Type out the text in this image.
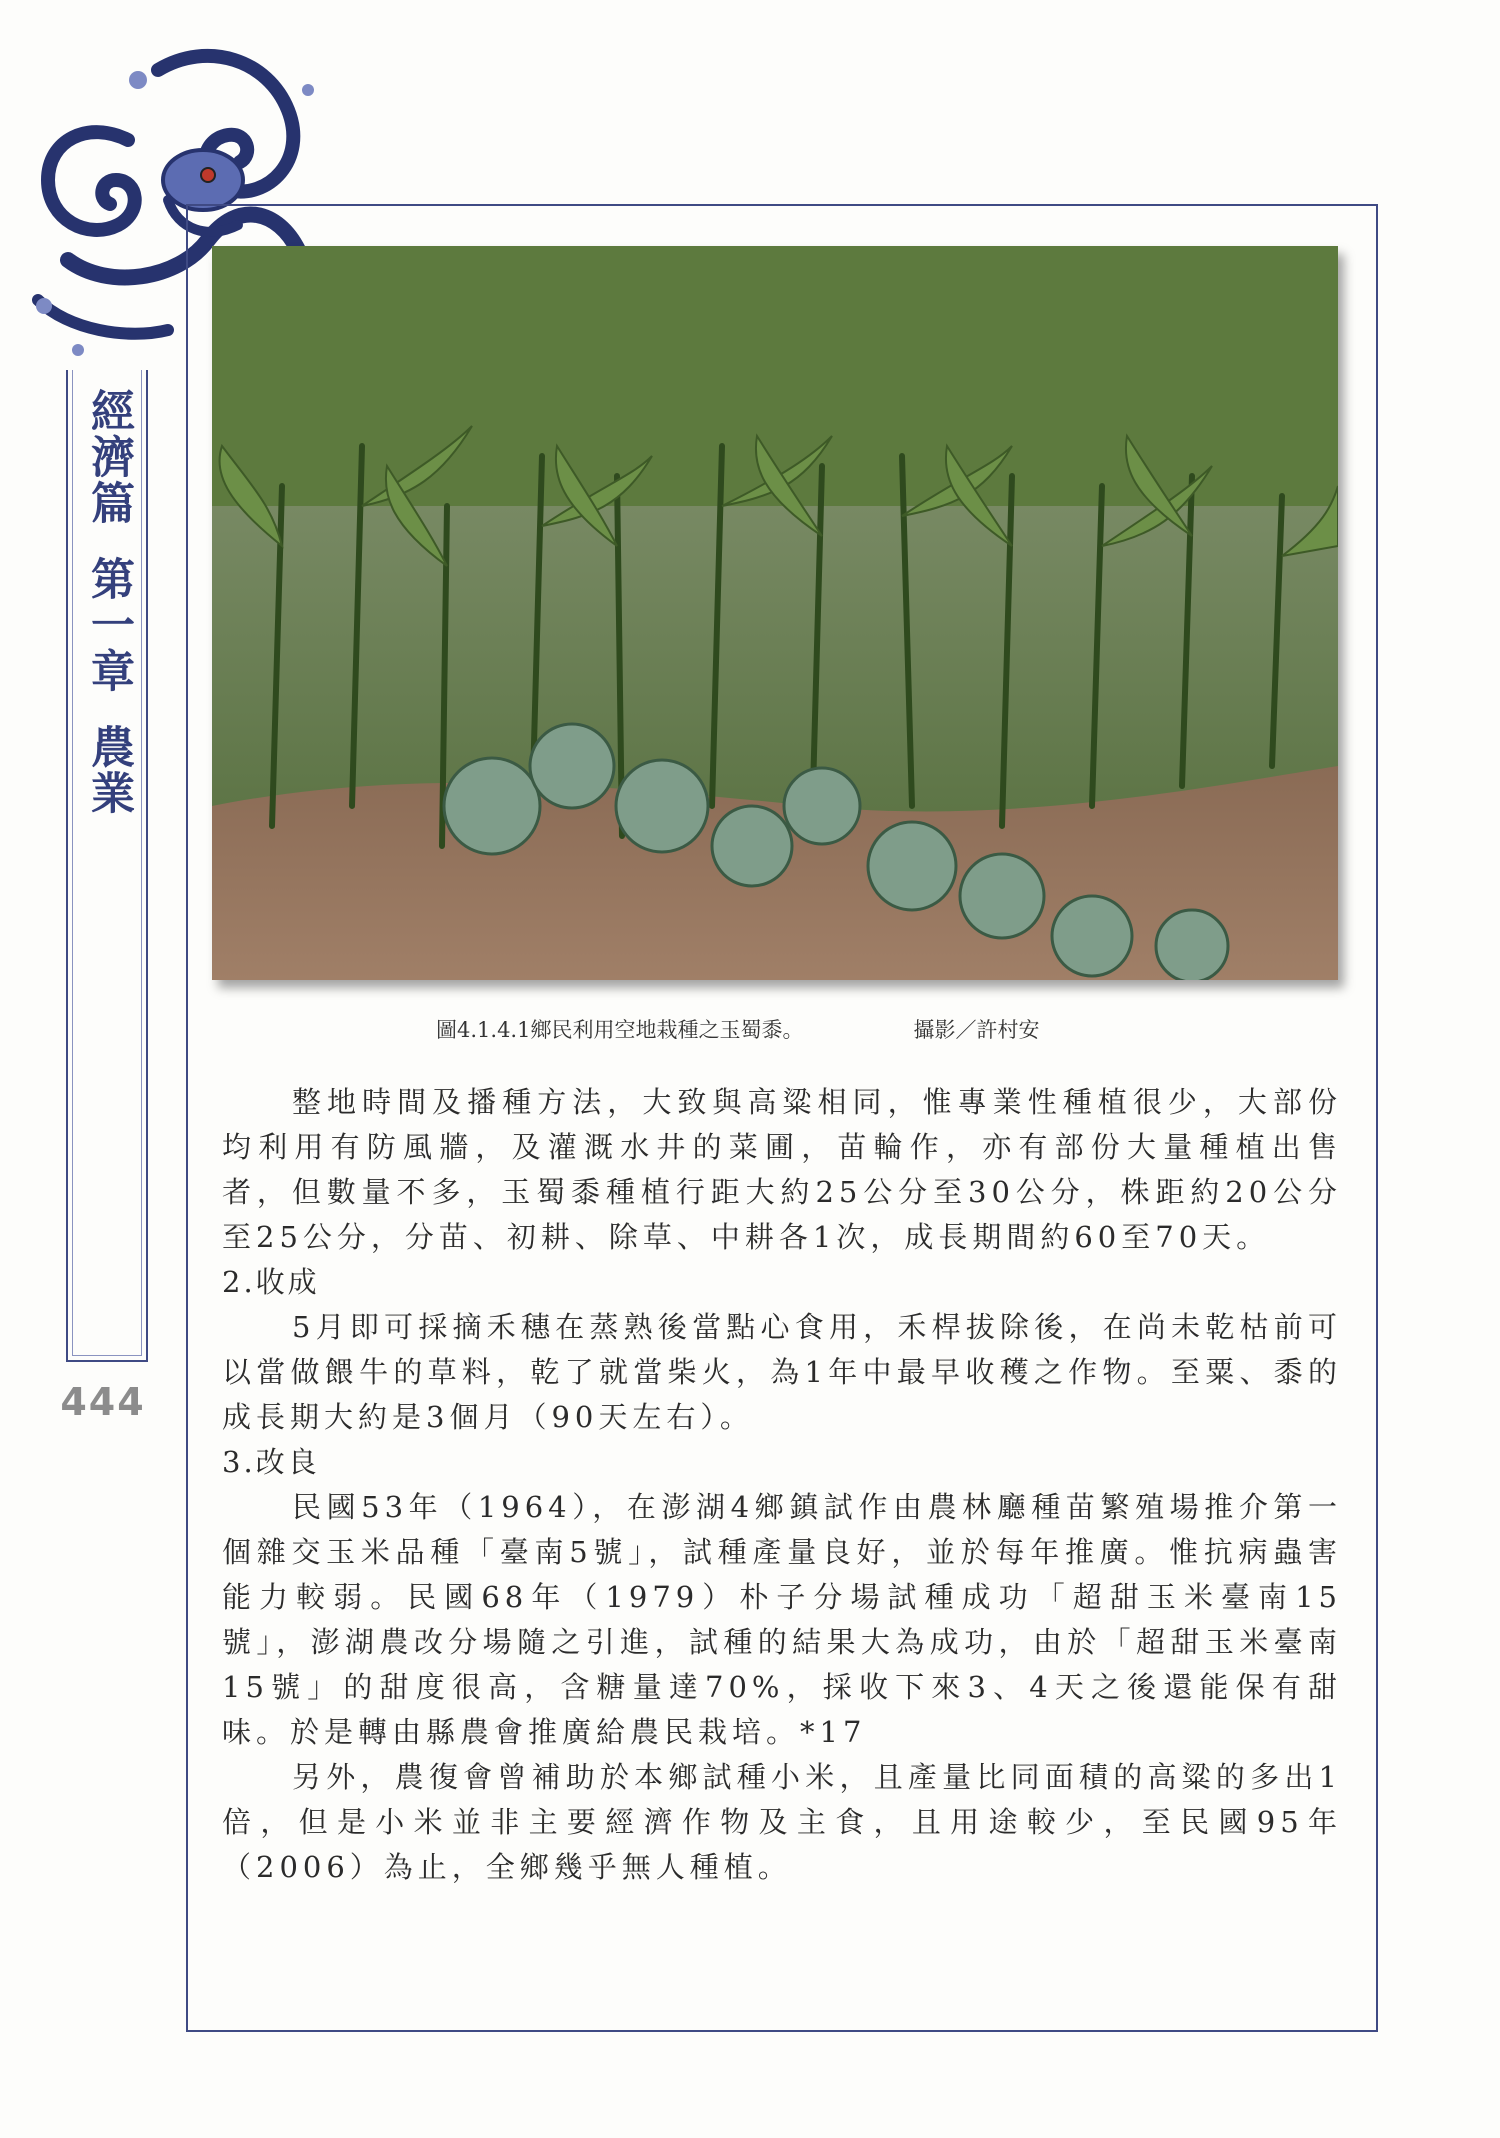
經濟篇第一章農業
444
圖4.1.4.1鄉民利用空地栽種之玉蜀黍。	攝影／許村安

整地時間及播種方法，大致與高粱相同，惟專業性種植很少，大部份均利用有防風牆，及灌溉水井的菜圃，苗輪作，亦有部份大量種植出售者，但數量不多，玉蜀黍種植行距大約25公分至30公分，株距約20公分至25公分，分苗、初耕、除草、中耕各1次，成長期間約60至70天。

2.收成

5月即可採摘禾穗在蒸熟後當點心食用，禾桿拔除後，在尚未乾枯前可以當做餵牛的草料，乾了就當柴火，為1年中最早收穫之作物。至粟、黍的成長期大約是3個月（90天左右）。

3.改良

民國53年（1964），在澎湖4鄉鎮試作由農林廳種苗繁殖場推介第一個雜交玉米品種「臺南5號」，試種產量良好，並於每年推廣。惟抗病蟲害能力較弱。民國68年（1979）朴子分場試種成功「超甜玉米臺南15號」，澎湖農改分場隨之引進，試種的結果大為成功，由於「超甜玉米臺南15號」的甜度很高，含糖量達70%，採收下來3、4天之後還能保有甜味。於是轉由縣農會推廣給農民栽培。*17

另外，農復會曾補助於本鄉試種小米，且產量比同面積的高粱的多出1倍，但是小米並非主要經濟作物及主食，且用途較少，至民國95年（2006）為止，全鄉幾乎無人種植。
